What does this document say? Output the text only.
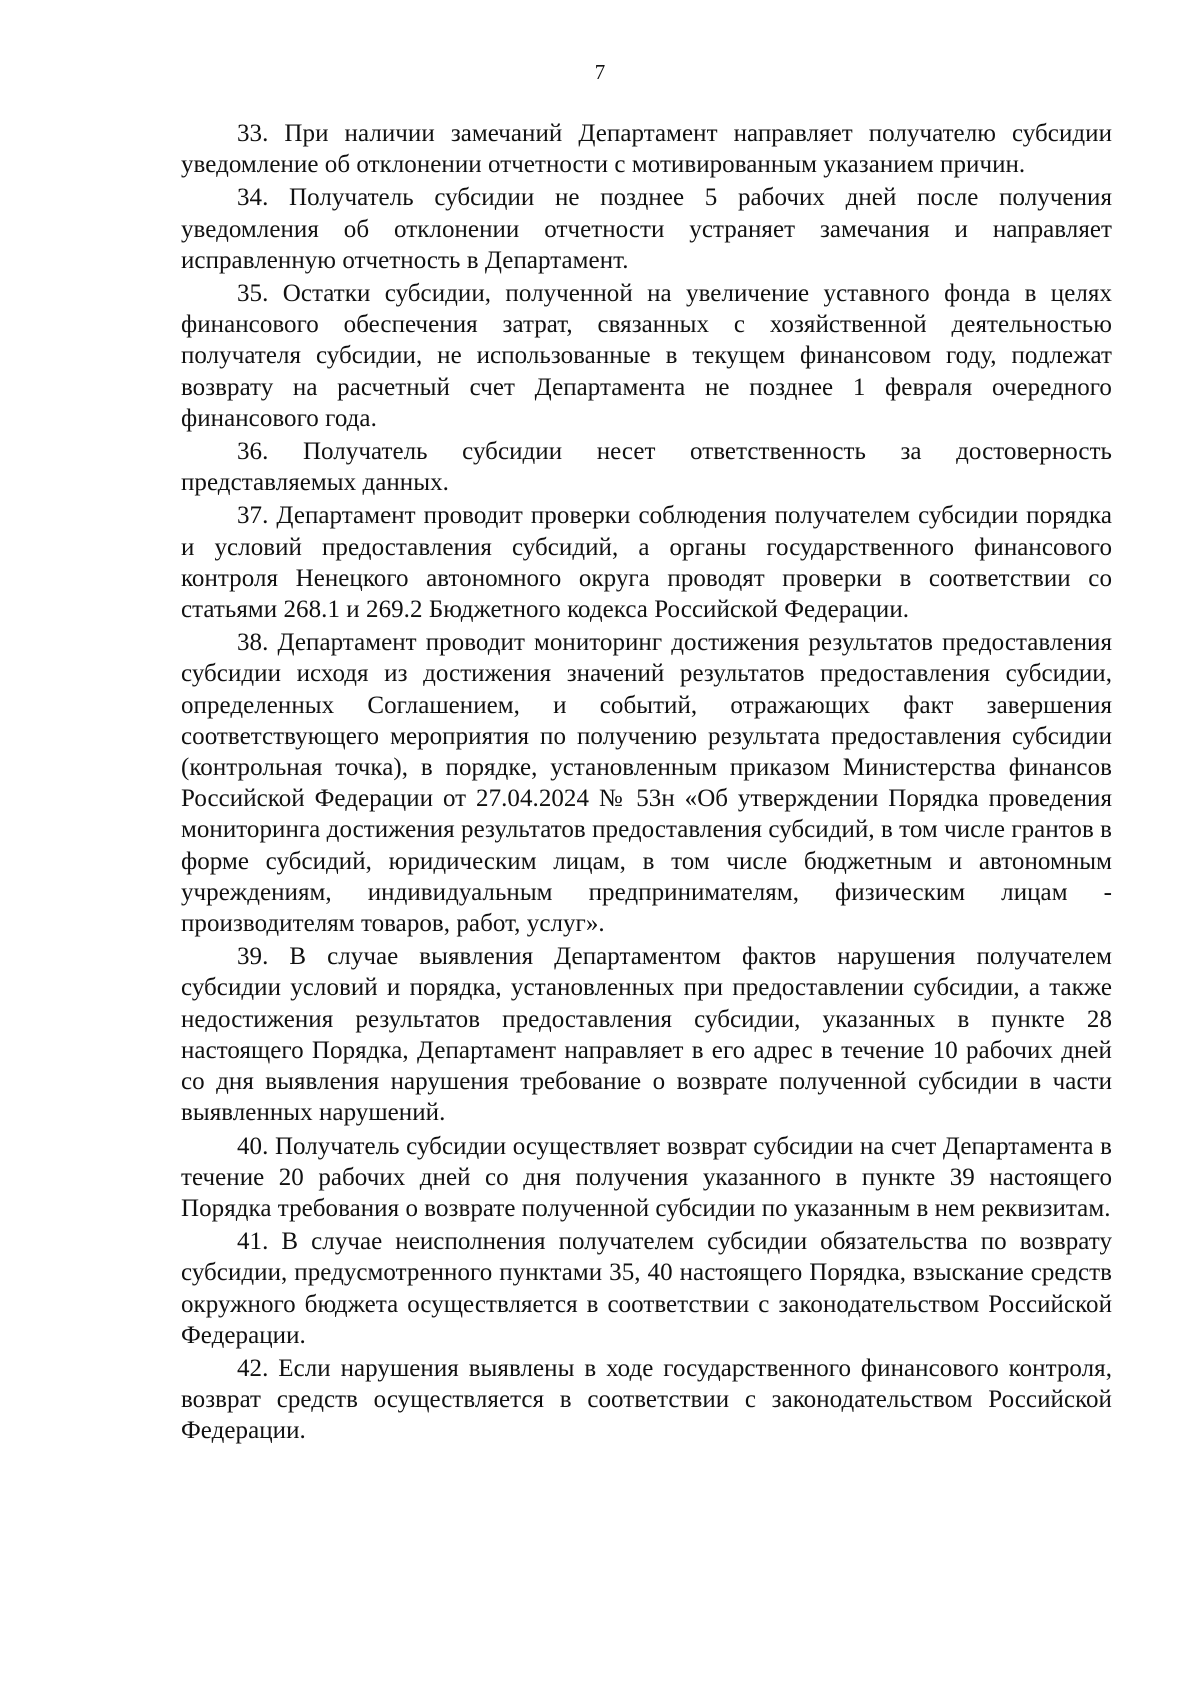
7

33. При наличии замечаний Департамент направляет получателю субсидии уведомление об отклонении отчетности с мотивированным указанием причин.

34. Получатель субсидии не позднее 5 рабочих дней после получения уведомления об отклонении отчетности устраняет замечания и направляет исправленную отчетность в Департамент.

35. Остатки субсидии, полученной на увеличение уставного фонда в целях финансового обеспечения затрат, связанных с хозяйственной деятельностью получателя субсидии, не использованные в текущем финансовом году, подлежат возврату на расчетный счет Департамента не позднее 1 февраля очередного финансового года.

36. Получатель субсидии несет ответственность за достоверность представляемых данных.

37. Департамент проводит проверки соблюдения получателем субсидии порядка и условий предоставления субсидий, а органы государственного финансового контроля Ненецкого автономного округа проводят проверки в соответствии со статьями 268.1 и 269.2 Бюджетного кодекса Российской Федерации.

38. Департамент проводит мониторинг достижения результатов предоставления субсидии исходя из достижения значений результатов предоставления субсидии, определенных Соглашением, и событий, отражающих факт завершения соответствующего мероприятия по получению результата предоставления субсидии (контрольная точка), в порядке, установленным приказом Министерства финансов Российской Федерации от 27.04.2024 № 53н «Об утверждении Порядка проведения мониторинга достижения результатов предоставления субсидий, в том числе грантов в форме субсидий, юридическим лицам, в том числе бюджетным и автономным учреждениям, индивидуальным предпринимателям, физическим лицам - производителям товаров, работ, услуг».

39. В случае выявления Департаментом фактов нарушения получателем субсидии условий и порядка, установленных при предоставлении субсидии, а также недостижения результатов предоставления субсидии, указанных в пункте 28 настоящего Порядка, Департамент направляет в его адрес в течение 10 рабочих дней со дня выявления нарушения требование о возврате полученной субсидии в части выявленных нарушений.

40. Получатель субсидии осуществляет возврат субсидии на счет Департамента в течение 20 рабочих дней со дня получения указанного в пункте 39 настоящего Порядка требования о возврате полученной субсидии по указанным в нем реквизитам.

41. В случае неисполнения получателем субсидии обязательства по возврату субсидии, предусмотренного пунктами 35, 40 настоящего Порядка, взыскание средств окружного бюджета осуществляется в соответствии с законодательством Российской Федерации.

42. Если нарушения выявлены в ходе государственного финансового контроля, возврат средств осуществляется в соответствии с законодательством Российской Федерации.
